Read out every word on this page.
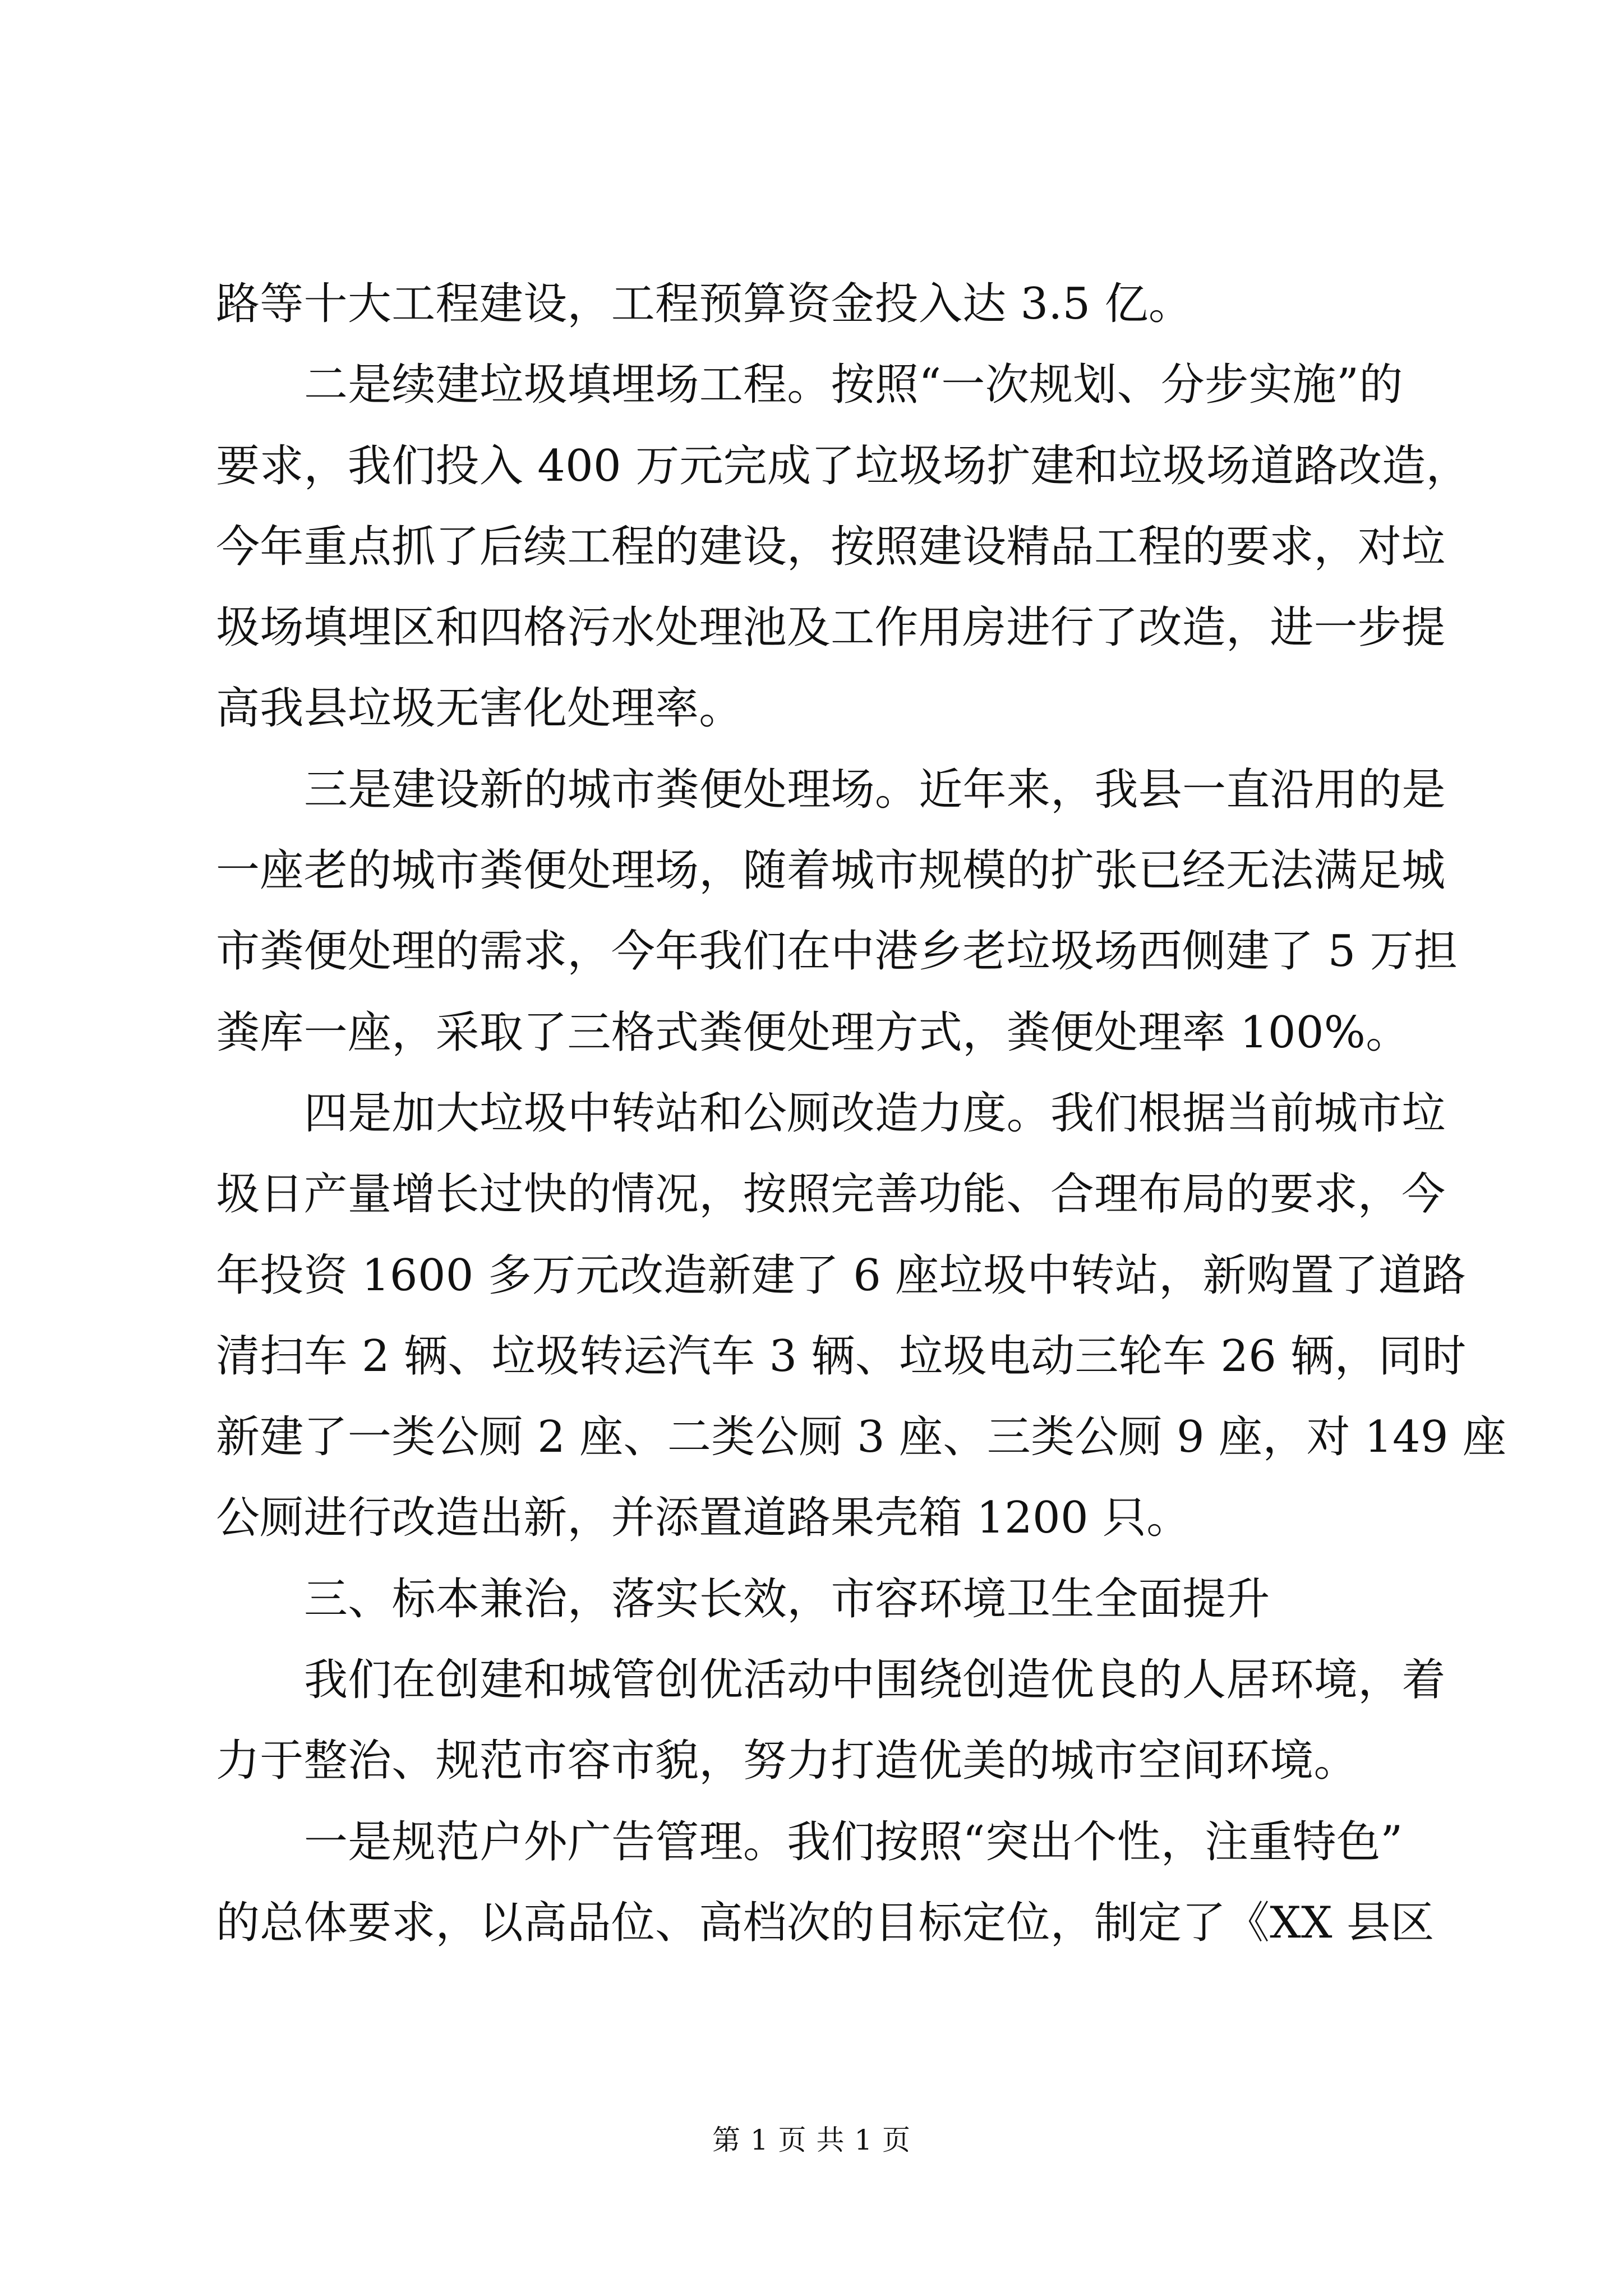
路等十大工程建设，工程预算资金投入达 3.5 亿。
二是续建垃圾填埋场工程。按照“一次规划、分步实施”的
要求，我们投入 400 万元完成了垃圾场扩建和垃圾场道路改造，
今年重点抓了后续工程的建设，按照建设精品工程的要求，对垃
圾场填埋区和四格污水处理池及工作用房进行了改造，进一步提
高我县垃圾无害化处理率。
三是建设新的城市粪便处理场。近年来，我县一直沿用的是
一座老的城市粪便处理场，随着城市规模的扩张已经无法满足城
市粪便处理的需求，今年我们在中港乡老垃圾场西侧建了 5 万担
粪库一座，采取了三格式粪便处理方式，粪便处理率 100%。
四是加大垃圾中转站和公厕改造力度。我们根据当前城市垃
圾日产量增长过快的情况，按照完善功能、合理布局的要求，今
年投资 1600 多万元改造新建了 6 座垃圾中转站，新购置了道路
清扫车 2 辆、垃圾转运汽车 3 辆、垃圾电动三轮车 26 辆，同时
新建了一类公厕 2 座、二类公厕 3 座、三类公厕 9 座，对 149 座
公厕进行改造出新，并添置道路果壳箱 1200 只。
三、标本兼治，落实长效，市容环境卫生全面提升
我们在创建和城管创优活动中围绕创造优良的人居环境，着
力于整治、规范市容市貌，努力打造优美的城市空间环境。
一是规范户外广告管理。我们按照“突出个性，注重特色”
的总体要求，以高品位、高档次的目标定位，制定了《XX 县区
第 1 页 共 1 页
